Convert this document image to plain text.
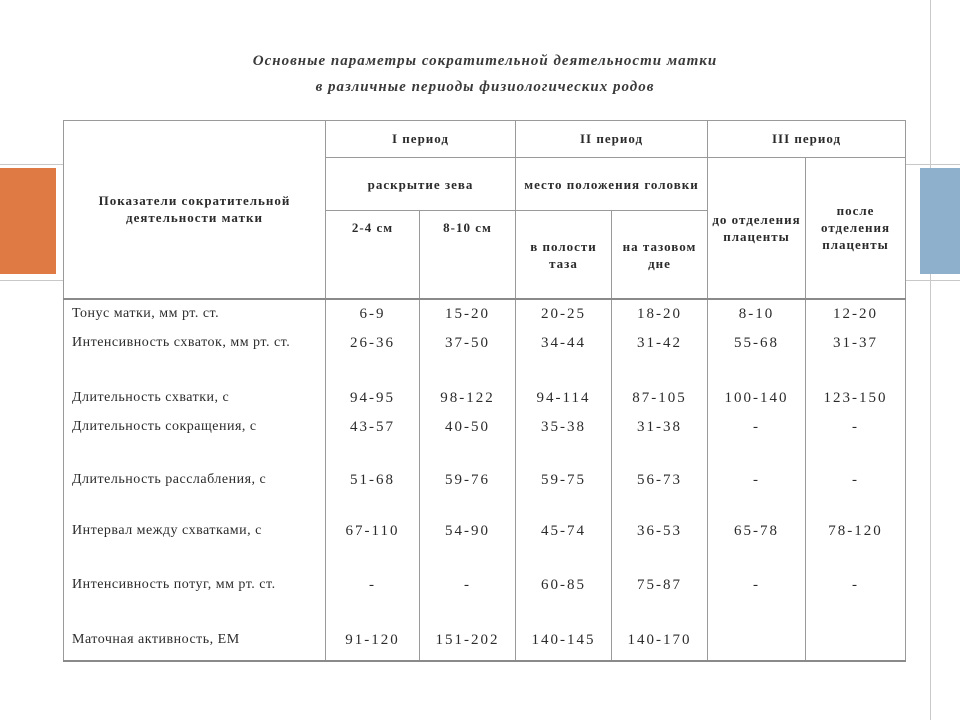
Основные параметры сократительной деятельности матки
в различные периоды физиологических родов
Показатели сократительной деятельности матки	I период		II период		III период	
	раскрытие зева		место положения головки		до отделения плаценты	после отделения плаценты
	2-4 см	8-10 см	в полости таза	на тазовом дне		
Тонус матки, мм рт. ст.	6-9	15-20	20-25	18-20	8-10	12-20
Интенсивность схваток, мм рт. ст.	26-36	37-50	34-44	31-42	55-68	31-37
Длительность схватки, с	94-95	98-122	94-114	87-105	100-140	123-150
Длительность сокращения, с	43-57	40-50	35-38	31-38	-	-
Длительность расслабления, с	51-68	59-76	59-75	56-73	-	-
Интервал между схватками, с	67-110	54-90	45-74	36-53	65-78	78-120
Интенсивность потуг, мм рт. ст.	-	-	60-85	75-87	-	-
Маточная активность, ЕМ	91-120	151-202	140-145	140-170		
